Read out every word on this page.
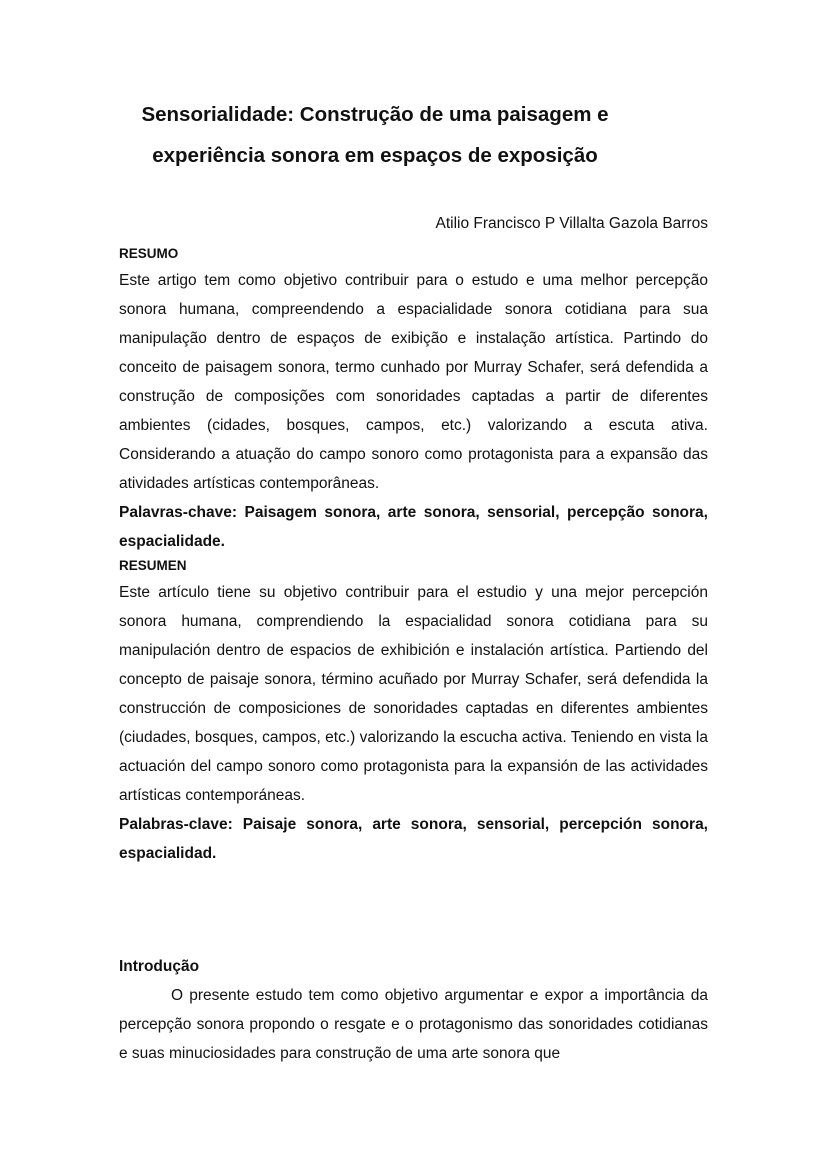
Sensorialidade: Construção de uma paisagem e experiência sonora em espaços de exposição
Atilio Francisco P Villalta Gazola Barros
RESUMO

Este artigo tem como objetivo contribuir para o estudo e uma melhor percepção sonora humana, compreendendo a espacialidade sonora cotidiana para sua manipulação dentro de espaços de exibição e instalação artística. Partindo do conceito de paisagem sonora, termo cunhado por Murray Schafer, será defendida a construção de composições com sonoridades captadas a partir de diferentes ambientes (cidades, bosques, campos, etc.) valorizando a escuta ativa. Considerando a atuação do campo sonoro como protagonista para a expansão das atividades artísticas contemporâneas.

Palavras-chave: Paisagem sonora, arte sonora, sensorial, percepção sonora, espacialidade.

RESUMEN

Este artículo tiene su objetivo contribuir para el estudio y una mejor percepción sonora humana, comprendiendo la espacialidad sonora cotidiana para su manipulación dentro de espacios de exhibición e instalación artística. Partiendo del concepto de paisaje sonora, término acuñado por Murray Schafer, será defendida la construcción de composiciones de sonoridades captadas en diferentes ambientes (ciudades, bosques, campos, etc.) valorizando la escucha activa. Teniendo en vista la actuación del campo sonoro como protagonista para la expansión de las actividades artísticas contemporáneas.

Palabras-clave: Paisaje sonora, arte sonora, sensorial, percepción sonora, espacialidad.

Introdução

O presente estudo tem como objetivo argumentar e expor a importância da percepção sonora propondo o resgate e o protagonismo das sonoridades cotidianas e suas minuciosidades para construção de uma arte sonora que
